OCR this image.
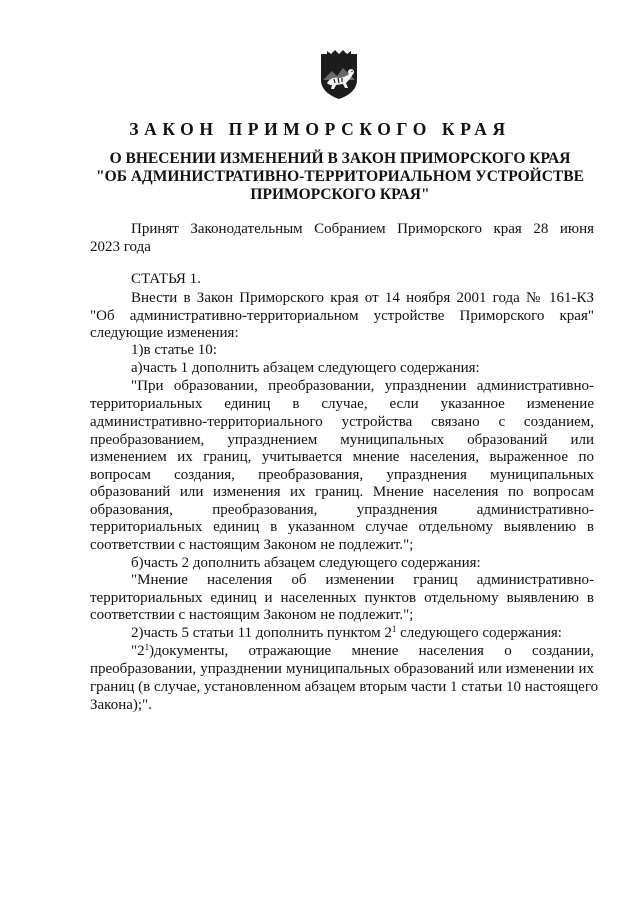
ЗАКОН ПРИМОРСКОГО КРАЯ
О ВНЕСЕНИИ ИЗМЕНЕНИЙ В ЗАКОН ПРИМОРСКОГО КРАЯ
"ОБ АДМИНИСТРАТИВНО-ТЕРРИТОРИАЛЬНОМ УСТРОЙСТВЕ
ПРИМОРСКОГО КРАЯ"
Принят Законодательным Собранием Приморского края 28 июня
2023 года
СТАТЬЯ 1.
Внести в Закон Приморского края от 14 ноября 2001 года № 161-КЗ
"Об административно-территориальном устройстве Приморского края"
следующие изменения:
1)в статье 10:
а)часть 1 дополнить абзацем следующего содержания:
"При образовании, преобразовании, упразднении административно-
территориальных единиц в случае, если указанное изменение
административно-территориального устройства связано с созданием,
преобразованием, упразднением муниципальных образований или
изменением их границ, учитывается мнение населения, выраженное по
вопросам создания, преобразования, упразднения муниципальных
образований или изменения их границ. Мнение населения по вопросам
образования, преобразования, упразднения административно-
территориальных единиц в указанном случае отдельному выявлению в
соответствии с настоящим Законом не подлежит.";
б)часть 2 дополнить абзацем следующего содержания:
"Мнение населения об изменении границ административно-
территориальных единиц и населенных пунктов отдельному выявлению в
соответствии с настоящим Законом не подлежит.";
2)часть 5 статьи 11 дополнить пунктом $2^1$ следующего содержания:
"$2^1$ )документы, отражающие мнение населения о создании,
преобразовании, упразднении муниципальных образований или изменении их
границ (в случае, установленном абзацем вторым части 1 статьи 10 настоящего
Закона);".
